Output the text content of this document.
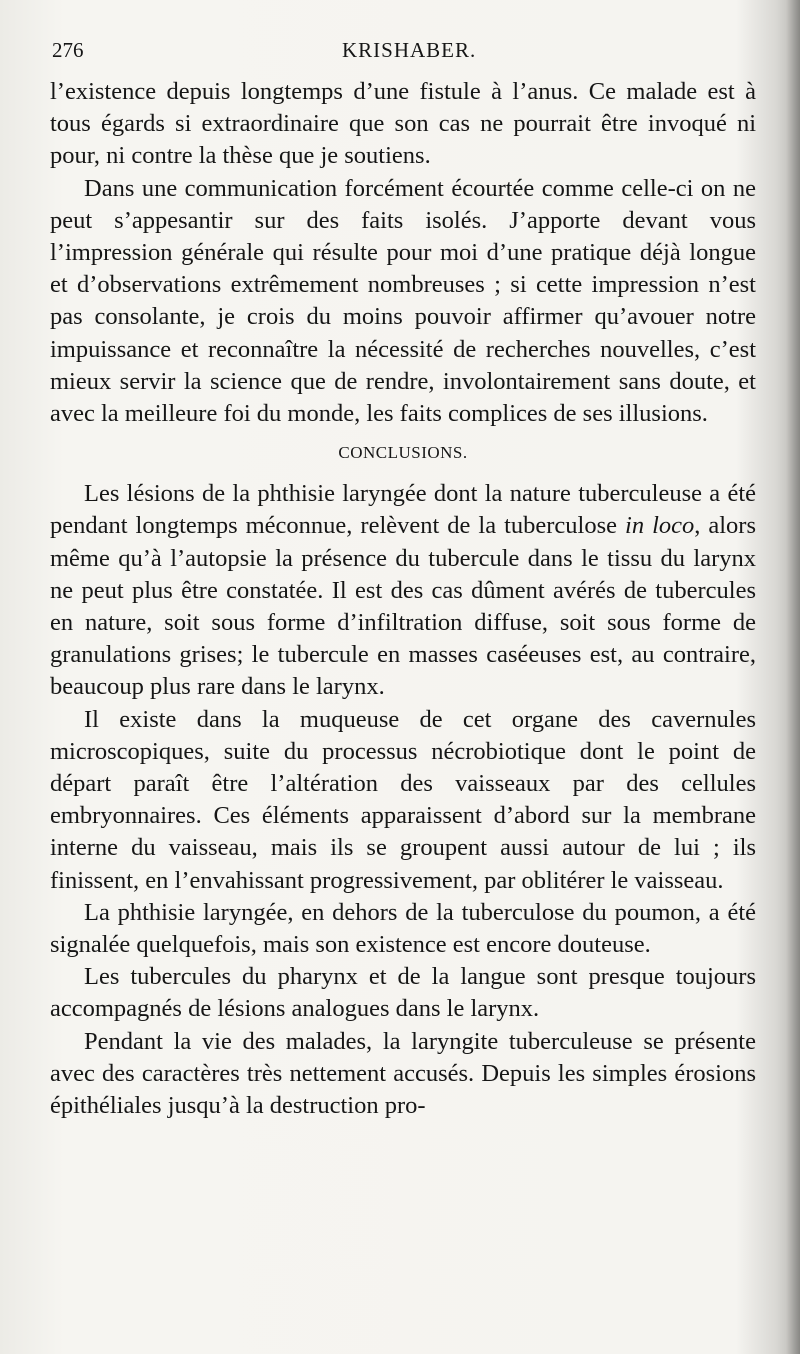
276	KRISHABER.

l’existence depuis longtemps d’une fistule à l’anus. Ce malade est à tous égards si extraordinaire que son cas ne pourrait être invoqué ni pour, ni contre la thèse que je soutiens.

Dans une communication forcément écourtée comme celle-ci on ne peut s’appesantir sur des faits isolés. J’apporte devant vous l’impression générale qui résulte pour moi d’une pratique déjà longue et d’observations extrêmement nombreuses ; si cette impression n’est pas consolante, je crois du moins pouvoir affirmer qu’avouer notre impuissance et reconnaître la nécessité de recherches nouvelles, c’est mieux servir la science que de rendre, involontairement sans doute, et avec la meilleure foi du monde, les faits complices de ses illusions.

CONCLUSIONS.

Les lésions de la phthisie laryngée dont la nature tuberculeuse a été pendant longtemps méconnue, relèvent de la tuberculose in loco, alors même qu’à l’autopsie la présence du tubercule dans le tissu du larynx ne peut plus être constatée. Il est des cas dûment avérés de tubercules en nature, soit sous forme d’infiltration diffuse, soit sous forme de granulations grises; le tubercule en masses caséeuses est, au contraire, beaucoup plus rare dans le larynx.

Il existe dans la muqueuse de cet organe des cavernules microscopiques, suite du processus nécrobiotique dont le point de départ paraît être l’altération des vaisseaux par des cellules embryonnaires. Ces éléments apparaissent d’abord sur la membrane interne du vaisseau, mais ils se groupent aussi autour de lui ; ils finissent, en l’envahissant progressivement, par oblitérer le vaisseau.

La phthisie laryngée, en dehors de la tuberculose du poumon, a été signalée quelquefois, mais son existence est encore douteuse.

Les tubercules du pharynx et de la langue sont presque toujours accompagnés de lésions analogues dans le larynx.

Pendant la vie des malades, la laryngite tuberculeuse se présente avec des caractères très nettement accusés. Depuis les simples érosions épithéliales jusqu’à la destruction pro-
